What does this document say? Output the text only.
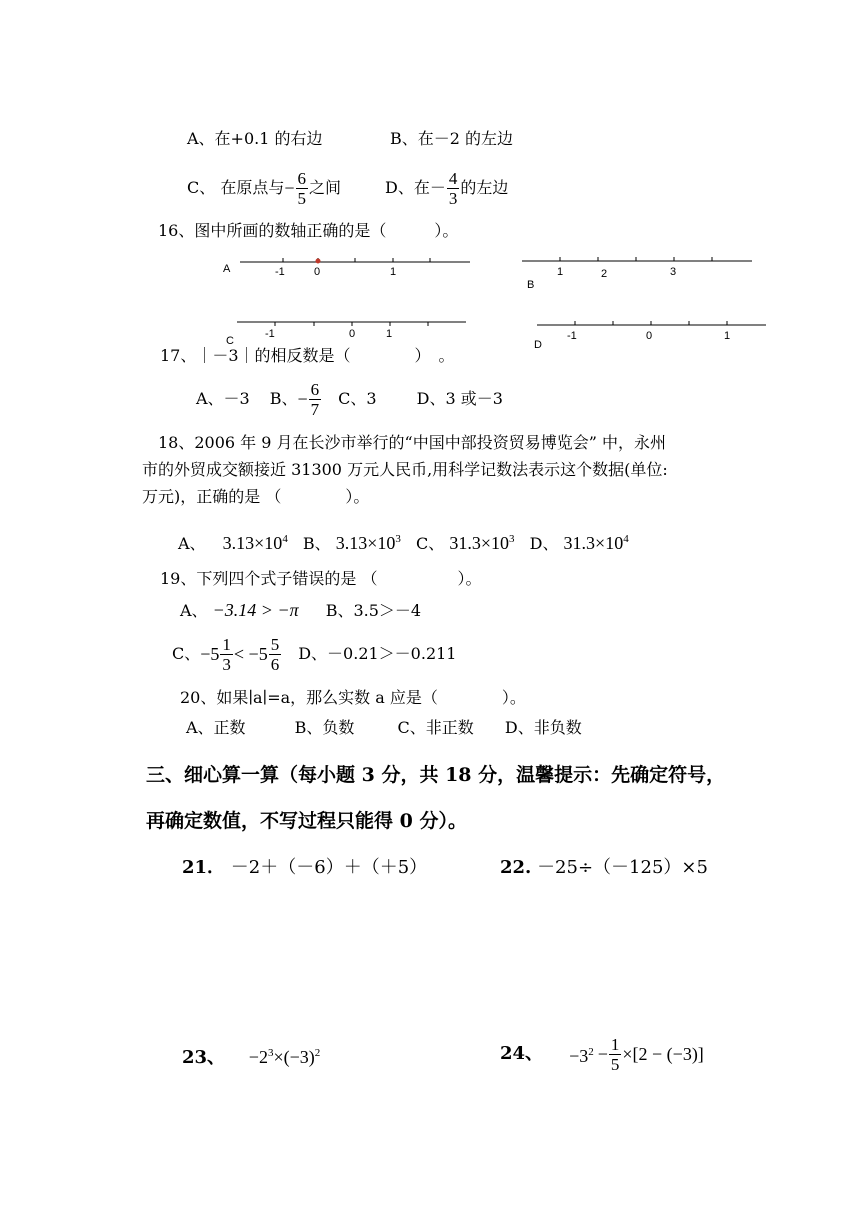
A、在+0.1 的右边	B、在－2 的左边
C、 在原点与 − $\frac{6}{5}$ 之间	D、在－ $\frac{4}{3}$ 的左边
16、图中所画的数轴正确的是（　　　）。
A	-1	0	1	1	2	3
B
-1	0	1
C	-1	0	1
D
17、｜－3｜的相反数是（　　　　）　。
A、－3 B、 − $\frac{6}{7}$ C、3	D、3 或－3
18、2006 年 9 月在长沙市举行的“中国中部投资贸易博览会” 中，永州
市的外贸成交额接近 31300 万元人民币,用科学记数法表示这个数据(单位:
万元)，正确的是 （　　　　）。
A、 $3.13\times 10^4$ B、 $3.13\times 10^3$ C、 $31.3\times 10^3$ D、 $31.3\times 10^4$
19、下列四个式子错误的是 （　　　　　）。
A、 −3.14 > −π B、3.5＞－4
C、 $-5 \frac{1}{3} < -5 \frac{5}{6}$ D、－0.21＞－0.211
20、如果∣a∣=a，那么实数 a 应是（　　　　）。
A、正数	B、负数	C、非正数 D、非负数
三、细心算一算（每小题 3 分，共 18 分，温馨提示：先确定符号，
再确定数值，不写过程只能得 0 分）。
21． －2＋（－6）＋（＋5）	22. －25÷（－125）×5
23、 $-2^3\times(-3)^2$	24、 $-3^2 - \frac{1}{5} \times[2 - (-3)]$
